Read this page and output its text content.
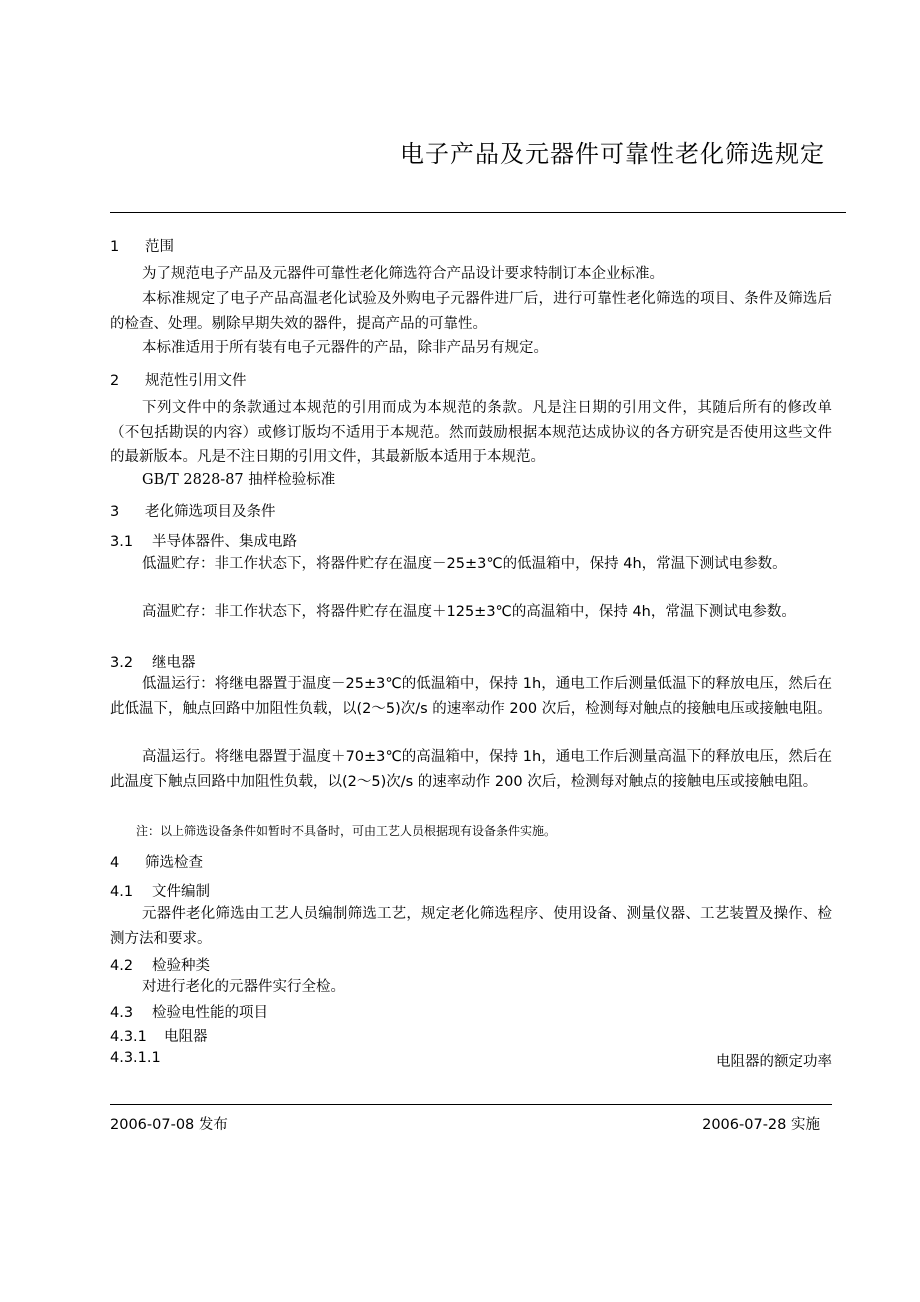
电子产品及元器件可靠性老化筛选规定
1 范围
为了规范电子产品及元器件可靠性老化筛选符合产品设计要求特制订本企业标准。
本标准规定了电子产品高温老化试验及外购电子元器件进厂后，进行可靠性老化筛选的项目、条件及筛选后的检查、处理。剔除早期失效的器件，提高产品的可靠性。
本标准适用于所有装有电子元器件的产品，除非产品另有规定。
2 规范性引用文件
下列文件中的条款通过本规范的引用而成为本规范的条款。凡是注日期的引用文件，其随后所有的修改单（不包括勘误的内容）或修订版均不适用于本规范。然而鼓励根据本规范达成协议的各方研究是否使用这些文件的最新版本。凡是不注日期的引用文件，其最新版本适用于本规范。
GB/T 2828-87 抽样检验标准
3 老化筛选项目及条件
3.1 半导体器件、集成电路
低温贮存：非工作状态下，将器件贮存在温度－25±3℃的低温箱中，保持 4h，常温下测试电参数。
高温贮存：非工作状态下，将器件贮存在温度＋125±3℃的高温箱中，保持 4h，常温下测试电参数。
3.2 继电器
低温运行：将继电器置于温度－25±3℃的低温箱中，保持 1h，通电工作后测量低温下的释放电压，然后在此低温下，触点回路中加阻性负载，以(2～5)次/s 的速率动作 200 次后，检测每对触点的接触电压或接触电阻。
高温运行。将继电器置于温度＋70±3℃的高温箱中，保持 1h，通电工作后测量高温下的释放电压，然后在此温度下触点回路中加阻性负载，以(2～5)次/s 的速率动作 200 次后，检测每对触点的接触电压或接触电阻。
注：以上筛选设备条件如暂时不具备时，可由工艺人员根据现有设备条件实施。
4 筛选检查
4.1 文件编制
元器件老化筛选由工艺人员编制筛选工艺，规定老化筛选程序、使用设备、测量仪器、工艺装置及操作、检测方法和要求。
4.2 检验种类
对进行老化的元器件实行全检。
4.3 检验电性能的项目
4.3.1 电阻器
4.3.1.1	电阻器的额定功率
2006-07-08 发布	2006-07-28 实施
